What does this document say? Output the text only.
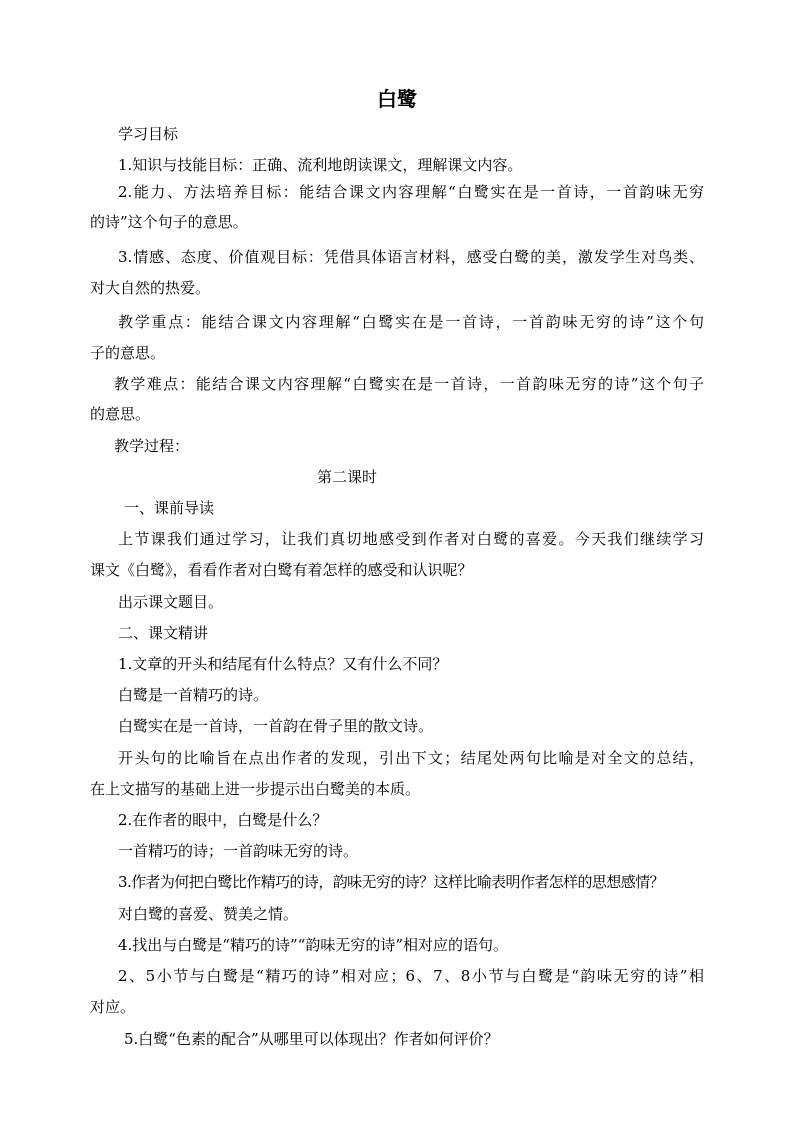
白鹭
学习目标
1.知识与技能目标：正确、流利地朗读课文，理解课文内容。
2.能力、方法培养目标：能结合课文内容理解“白鹭实在是一首诗，一首韵味无穷
的诗”这个句子的意思。
3.情感、态度、价值观目标：凭借具体语言材料，感受白鹭的美，激发学生对鸟类、
对大自然的热爱。
教学重点：能结合课文内容理解“白鹭实在是一首诗，一首韵味无穷的诗”这个句
子的意思。
教学难点：能结合课文内容理解“白鹭实在是一首诗，一首韵味无穷的诗”这个句子
的意思。
教学过程：
第二课时
一、课前导读
上节课我们通过学习，让我们真切地感受到作者对白鹭的喜爱。今天我们继续学习
课文《白鹭》，看看作者对白鹭有着怎样的感受和认识呢？
出示课文题目。
二、课文精讲
1.文章的开头和结尾有什么特点？又有什么不同？
白鹭是一首精巧的诗。
白鹭实在是一首诗，一首韵在骨子里的散文诗。
开头句的比喻旨在点出作者的发现，引出下文；结尾处两句比喻是对全文的总结，
在上文描写的基础上进一步提示出白鹭美的本质。
2.在作者的眼中，白鹭是什么？
一首精巧的诗；一首韵味无穷的诗。
3.作者为何把白鹭比作精巧的诗，韵味无穷的诗？这样比喻表明作者怎样的思想感情？
对白鹭的喜爱、赞美之情。
4.找出与白鹭是“精巧的诗”“韵味无穷的诗”相对应的语句。
2、5小节与白鹭是“精巧的诗”相对应；6、7、8小节与白鹭是“韵味无穷的诗”相
对应。
5.白鹭“色素的配合”从哪里可以体现出？作者如何评价？
